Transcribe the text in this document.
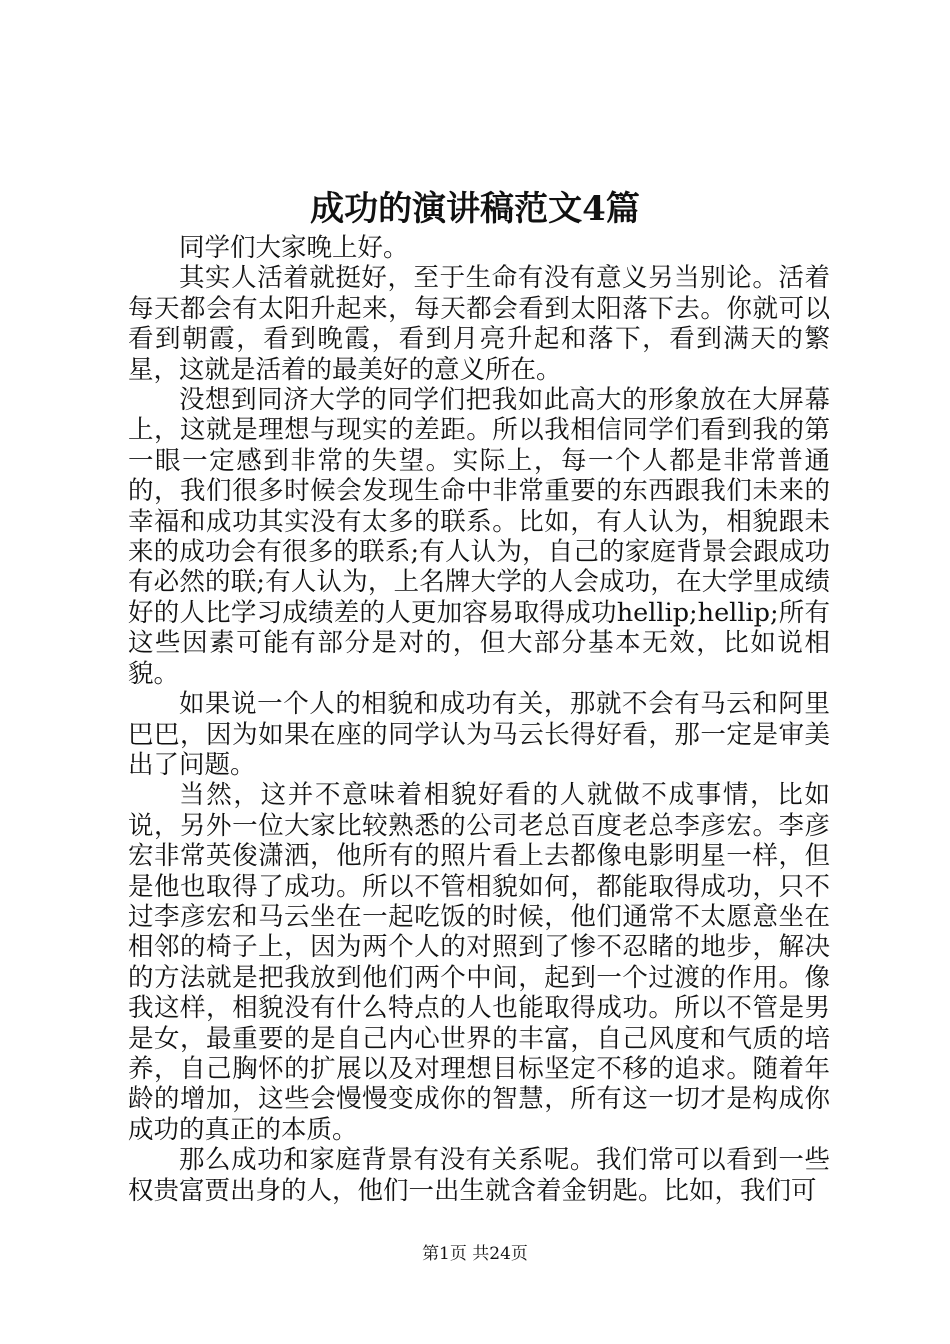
成功的演讲稿范文4篇

同学们大家晚上好。

其实人活着就挺好，至于生命有没有意义另当别论。活着每天都会有太阳升起来，每天都会看到太阳落下去。你就可以看到朝霞，看到晚霞，看到月亮升起和落下，看到满天的繁星，这就是活着的最美好的意义所在。

没想到同济大学的同学们把我如此高大的形象放在大屏幕上，这就是理想与现实的差距。所以我相信同学们看到我的第一眼一定感到非常的失望。实际上，每一个人都是非常普通的，我们很多时候会发现生命中非常重要的东西跟我们未来的幸福和成功其实没有太多的联系。比如，有人认为，相貌跟未来的成功会有很多的联系;有人认为，自己的家庭背景会跟成功有必然的联;有人认为，上名牌大学的人会成功，在大学里成绩好的人比学习成绩差的人更加容易取得成功hellip;hellip;所有这些因素可能有部分是对的，但大部分基本无效，比如说相貌。

如果说一个人的相貌和成功有关，那就不会有马云和阿里巴巴，因为如果在座的同学认为马云长得好看，那一定是审美出了问题。

当然，这并不意味着相貌好看的人就做不成事情，比如说，另外一位大家比较熟悉的公司老总百度老总李彦宏。李彦宏非常英俊潇洒，他所有的照片看上去都像电影明星一样，但是他也取得了成功。所以不管相貌如何，都能取得成功，只不过李彦宏和马云坐在一起吃饭的时候，他们通常不太愿意坐在相邻的椅子上，因为两个人的对照到了惨不忍睹的地步，解决的方法就是把我放到他们两个中间，起到一个过渡的作用。像我这样，相貌没有什么特点的人也能取得成功。所以不管是男是女，最重要的是自己内心世界的丰富，自己风度和气质的培养，自己胸怀的扩展以及对理想目标坚定不移的追求。随着年龄的增加，这些会慢慢变成你的智慧，所有这一切才是构成你成功的真正的本质。

那么成功和家庭背景有没有关系呢。我们常可以看到一些权贵富贾出身的人，他们一出生就含着金钥匙。比如，我们可

第1页 共24页
